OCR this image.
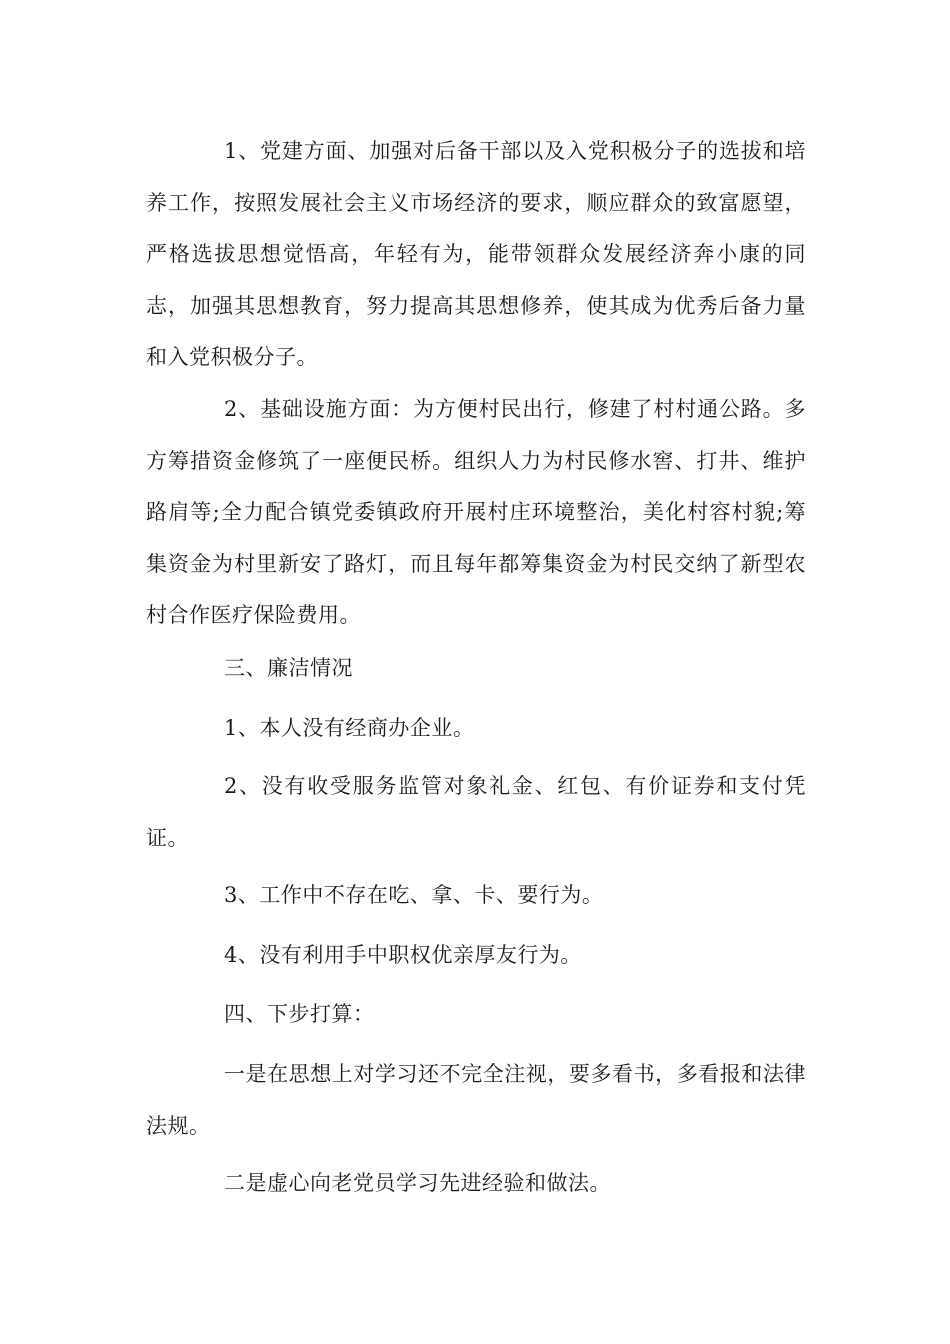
1、党建方面、加强对后备干部以及入党积极分子的选拔和培养工作，按照发展社会主义市场经济的要求，顺应群众的致富愿望，严格选拔思想觉悟高，年轻有为，能带领群众发展经济奔小康的同志，加强其思想教育，努力提高其思想修养，使其成为优秀后备力量和入党积极分子。

2、基础设施方面：为方便村民出行，修建了村村通公路。多方筹措资金修筑了一座便民桥。组织人力为村民修水窖、打井、维护路肩等;全力配合镇党委镇政府开展村庄环境整治，美化村容村貌;筹集资金为村里新安了路灯，而且每年都筹集资金为村民交纳了新型农村合作医疗保险费用。

三、廉洁情况

1、本人没有经商办企业。

2、没有收受服务监管对象礼金、红包、有价证券和支付凭证。

3、工作中不存在吃、拿、卡、要行为。

4、没有利用手中职权优亲厚友行为。

四、下步打算：

一是在思想上对学习还不完全注视，要多看书，多看报和法律法规。

二是虚心向老党员学习先进经验和做法。
